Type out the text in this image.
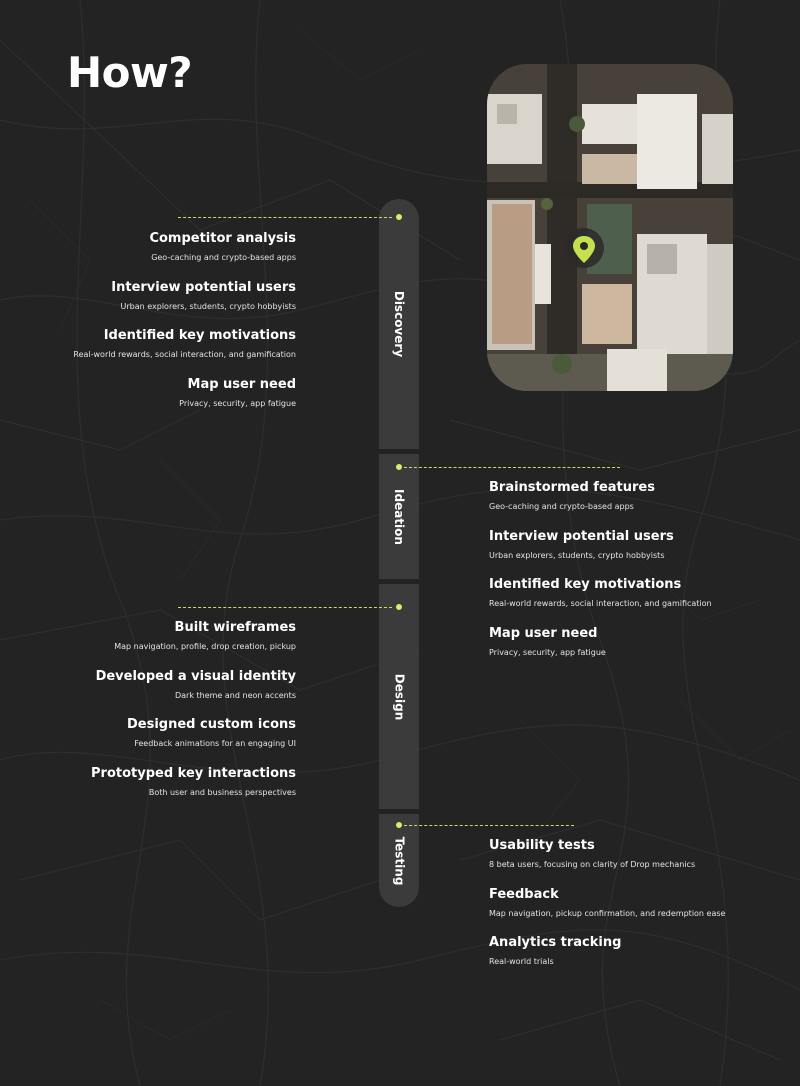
How?
Discovery
Ideation
Design
Testing
Competitor analysis
Geo-caching and crypto-based apps
Interview potential users
Urban explorers, students, crypto hobbyists
Identified key motivations
Real-world rewards, social interaction, and gamification
Map user need
Privacy, security, app fatigue
Brainstormed features
Geo-caching and crypto-based apps
Interview potential users
Urban explorers, students, crypto hobbyists
Identified key motivations
Real-world rewards, social interaction, and gamification
Map user need
Privacy, security, app fatigue
Built wireframes
Map navigation, profile, drop creation, pickup
Developed a visual identity
Dark theme and neon accents
Designed custom icons
Feedback animations for an engaging UI
Prototyped key interactions
Both user and business perspectives
Usability tests
8 beta users, focusing on clarity of Drop mechanics
Feedback
Map navigation, pickup confirmation, and redemption ease
Analytics tracking
Real-world trials
